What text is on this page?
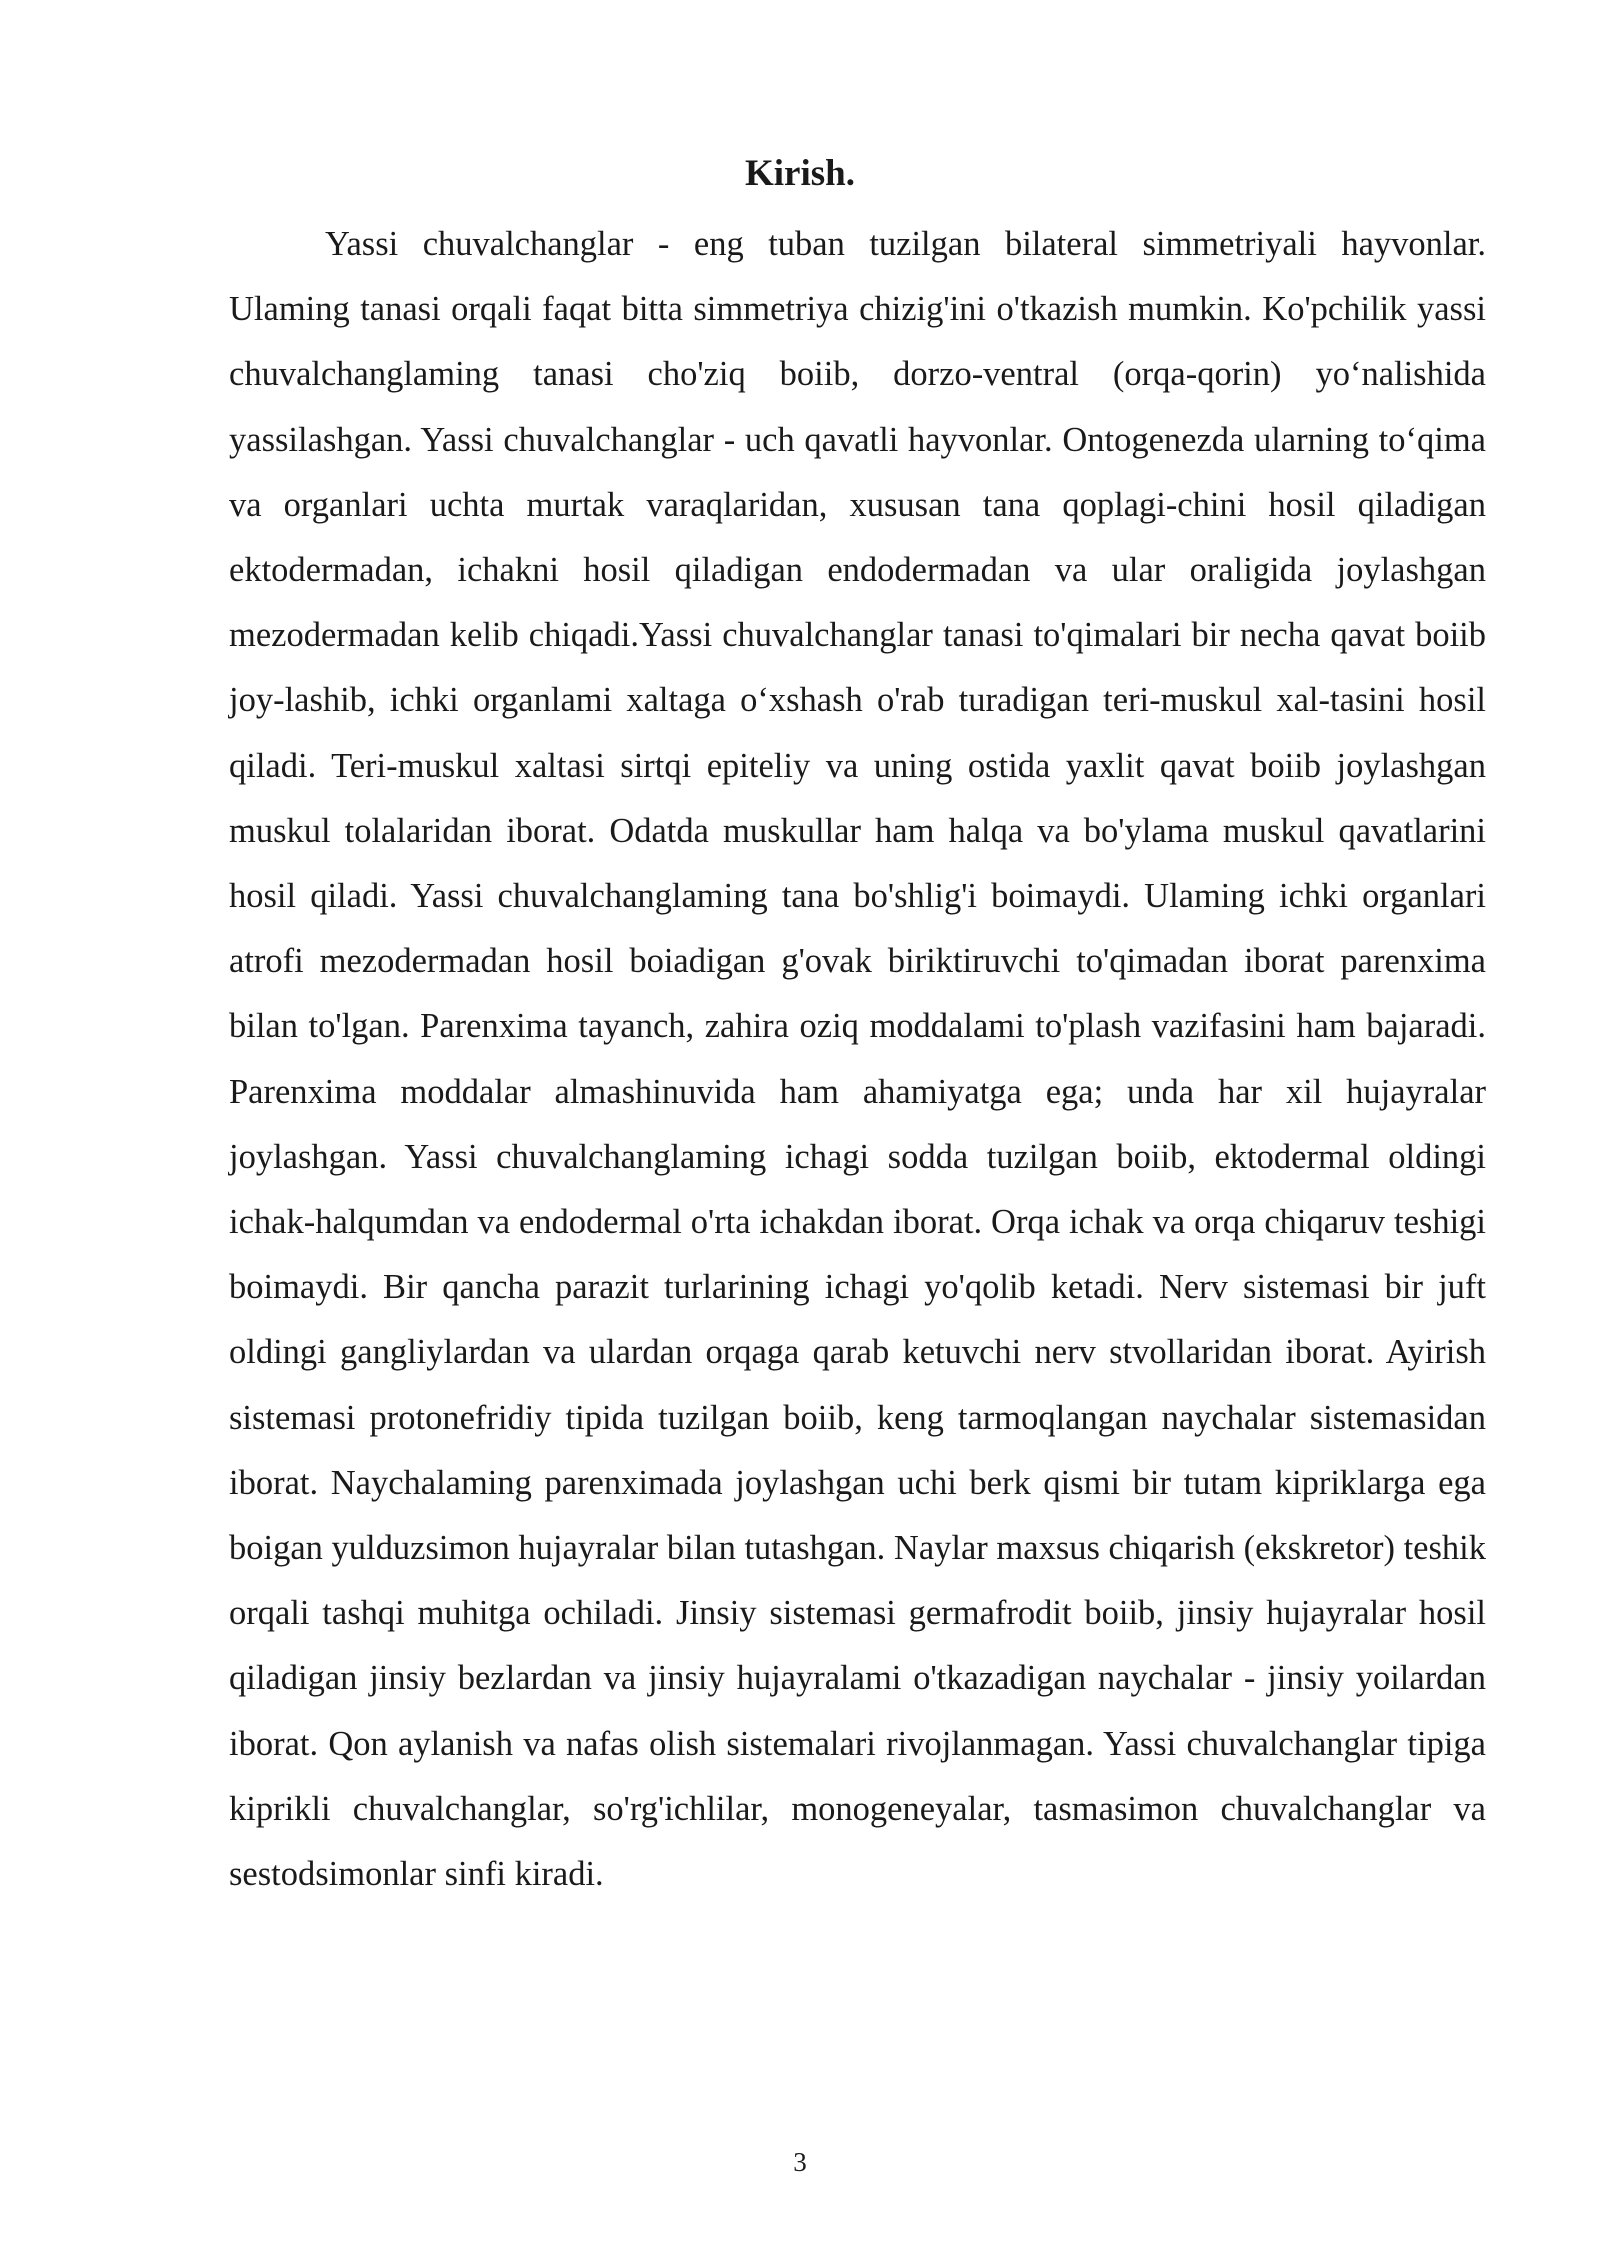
Kirish.

Yassi chuvalchanglar - eng tuban tuzilgan bilateral simmetriyali hayvonlar. Ulaming tanasi orqali faqat bitta simmetriya chizig'ini o'tkazish mumkin. Ko'pchilik yassi chuvalchanglaming tanasi cho'ziq boiib, dorzo-ventral (orqa-qorin) yo‘nalishida yassilashgan. Yassi chuvalchanglar - uch qavatli hayvonlar. Ontogenezda ularning to‘qima va organlari uchta murtak varaqlaridan, xususan tana qoplagi-chini hosil qiladigan ektodermadan, ichakni hosil qiladigan endodermadan va ular oraligida joylashgan mezodermadan kelib chiqadi.Yassi chuvalchanglar tanasi to'qimalari bir necha qavat boiib joy-lashib, ichki organlami xaltaga o‘xshash o'rab turadigan teri-muskul xal-tasini hosil qiladi. Teri-muskul xaltasi sirtqi epiteliy va uning ostida yaxlit qavat boiib joylashgan muskul tolalaridan iborat. Odatda muskullar ham halqa va bo'ylama muskul qavatlarini hosil qiladi. Yassi chuvalchanglaming tana bo'shlig'i boimaydi. Ulaming ichki organlari atrofi mezodermadan hosil boiadigan g'ovak biriktiruvchi to'qimadan iborat parenxima bilan to'lgan. Parenxima tayanch, zahira oziq moddalami to'plash vazifasini ham bajaradi. Parenxima moddalar almashinuvida ham ahamiyatga ega; unda har xil hujayralar joylashgan. Yassi chuvalchanglaming ichagi sodda tuzilgan boiib, ektodermal oldingi ichak-halqumdan va endodermal o'rta ichakdan iborat. Orqa ichak va orqa chiqaruv teshigi boimaydi. Bir qancha parazit turlarining ichagi yo'qolib ketadi. Nerv sistemasi bir juft oldingi gangliylardan va ulardan orqaga qarab ketuvchi nerv stvollaridan iborat. Ayirish sistemasi protonefridiy tipida tuzilgan boiib, keng tarmoqlangan naychalar sistemasidan iborat. Naychalaming parenximada joylashgan uchi berk qismi bir tutam kipriklarga ega boigan yulduzsimon hujayralar bilan tutashgan. Naylar maxsus chiqarish (ekskretor) teshik orqali tashqi muhitga ochiladi. Jinsiy sistemasi germafrodit boiib, jinsiy hujayralar hosil qiladigan jinsiy bezlardan va jinsiy hujayralami o'tkazadigan naychalar - jinsiy yoilardan iborat. Qon aylanish va nafas olish sistemalari rivojlanmagan. Yassi chuvalchanglar tipiga kiprikli chuvalchanglar, so'rg'ichlilar, monogeneyalar, tasmasimon chuvalchanglar va sestodsimonlar sinfi kiradi.

3
